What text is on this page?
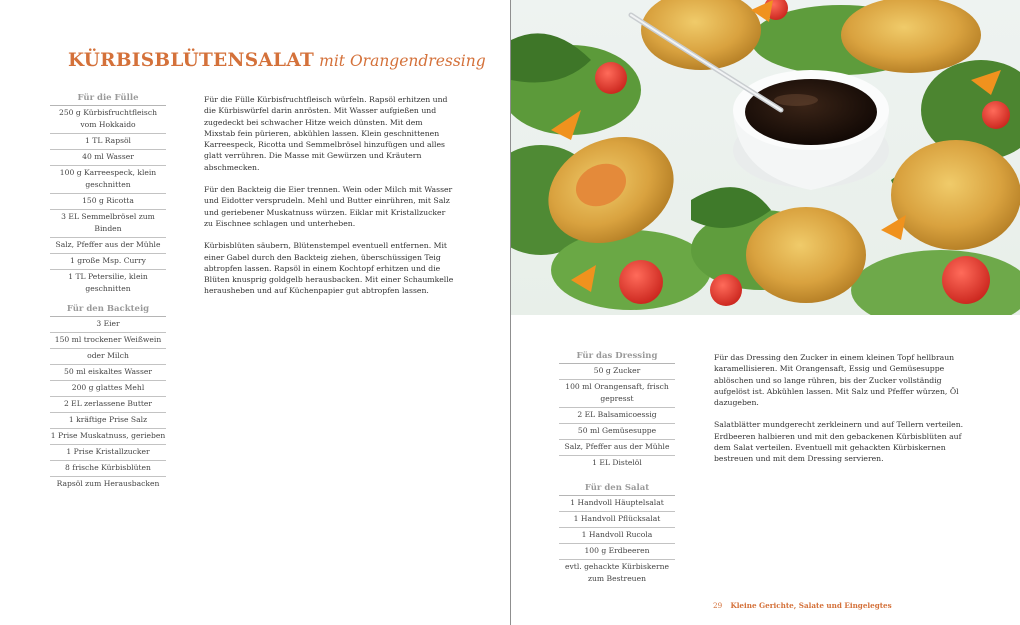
KÜRBISBLÜTENSALAT mit Orangendressing
Für die Fülle
250 g Kürbisfruchtfleisch vom Hokkaido
1 TL Rapsöl
40 ml Wasser
100 g Karreespeck, klein geschnitten
150 g Ricotta
3 EL Semmelbrösel zum Binden
Salz, Pfeffer aus der Mühle
1 große Msp. Curry
1 TL Petersilie, klein geschnitten
Für den Backteig
3 Eier
150 ml trockener Weißwein
oder Milch
50 ml eiskaltes Wasser
200 g glattes Mehl
2 EL zerlassene Butter
1 kräftige Prise Salz
1 Prise Muskatnuss, gerieben
1 Prise Kristallzucker
8 frische Kürbisblüten
Rapsöl zum Herausbacken

Für die Fülle Kürbisfruchtfleisch würfeln. Rapsöl erhitzen und die Kürbiswürfel darin anrösten. Mit Wasser aufgießen und zugedeckt bei schwacher Hitze weich dünsten. Mit dem Mixstab fein pürieren, abkühlen lassen. Klein geschnittenen Karreespeck, Ricotta und Semmelbrösel hinzufügen und alles glatt verrühren. Die Masse mit Gewürzen und Kräutern abschmecken.

Für den Backteig die Eier trennen. Wein oder Milch mit Wasser und Eidotter versprudeln. Mehl und Butter einrühren, mit Salz und geriebener Muskatnuss würzen. Eiklar mit Kristallzucker zu Eischnee schlagen und unterheben.

Kürbisblüten säubern, Blütenstempel eventuell entfernen. Mit einer Gabel durch den Backteig ziehen, überschüssigen Teig abtropfen lassen. Rapsöl in einem Kochtopf erhitzen und die Blüten knusprig goldgelb herausbacken. Mit einer Schaumkelle herausheben und auf Küchenpapier gut abtropfen lassen.

Für das Dressing
50 g Zucker
100 ml Orangensaft, frisch gepresst
2 EL Balsamicoessig
50 ml Gemüsesuppe
Salz, Pfeffer aus der Mühle
1 EL Distelöl
Für den Salat
1 Handvoll Häuptelsalat
1 Handvoll Pflücksalat
1 Handvoll Rucola
100 g Erdbeeren
evtl. gehackte Kürbiskerne zum Bestreuen

Für das Dressing den Zucker in einem kleinen Topf hellbraun karamellisieren. Mit Orangensaft, Essig und Gemüsesuppe ablöschen und so lange rühren, bis der Zucker vollständig aufgelöst ist. Abkühlen lassen. Mit Salz und Pfeffer würzen, Öl dazugeben.

Salatblätter mundgerecht zerkleinern und auf Tellern verteilen. Erdbeeren halbieren und mit den gebackenen Kürbisblüten auf dem Salat verteilen. Eventuell mit gehackten Kürbiskernen bestreuen und mit dem Dressing servieren.

29 Kleine Gerichte, Salate und Eingelegtes
